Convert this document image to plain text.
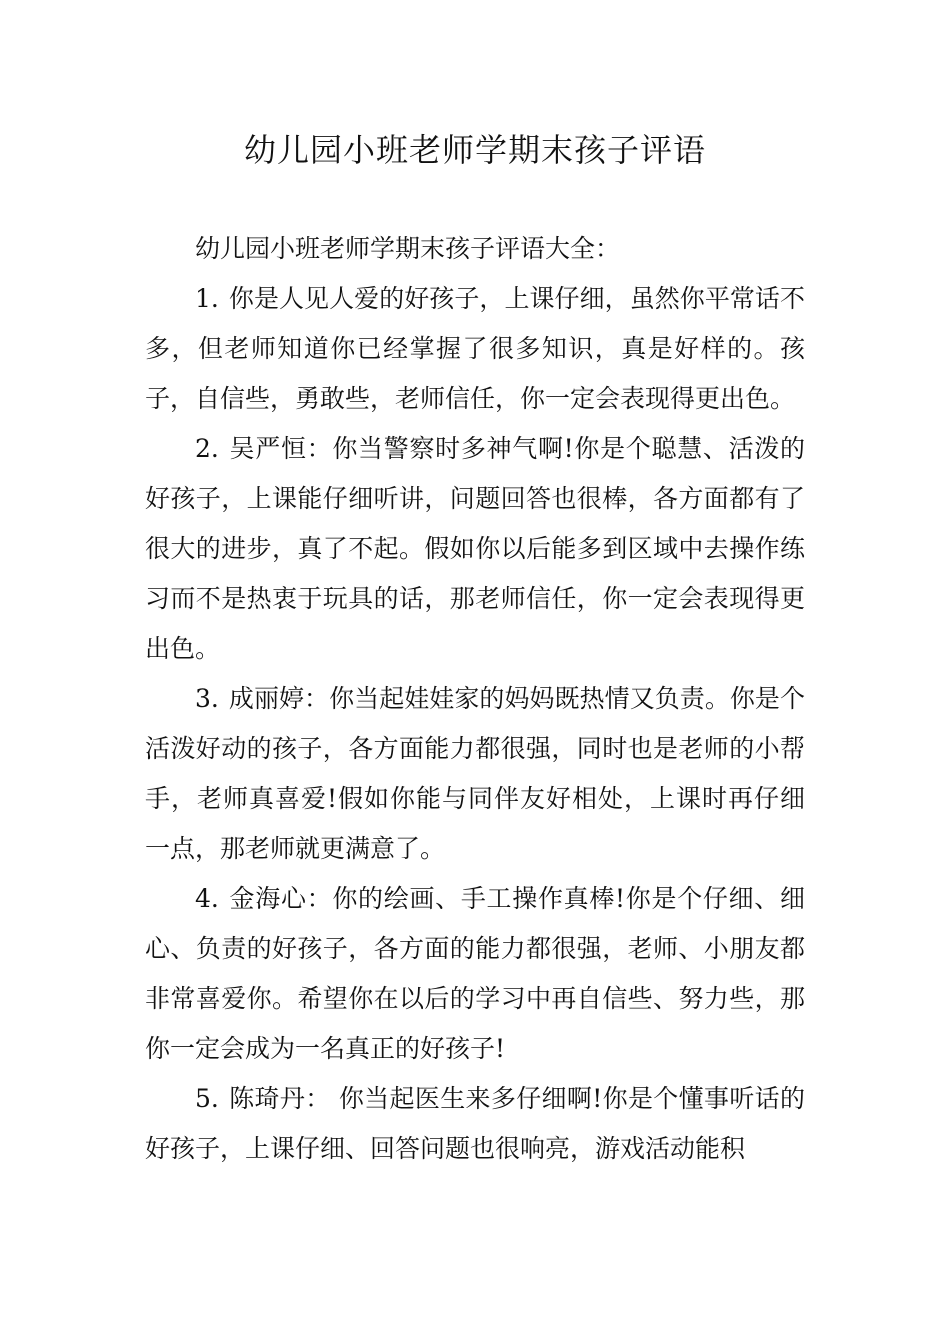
幼儿园小班老师学期末孩子评语

幼儿园小班老师学期末孩子评语大全：

1. 你是人见人爱的好孩子，上课仔细，虽然你平常话不多，但老师知道你已经掌握了很多知识，真是好样的。孩子，自信些，勇敢些，老师信任，你一定会表现得更出色。

2. 吴严恒：你当警察时多神气啊!你是个聪慧、活泼的好孩子，上课能仔细听讲，问题回答也很棒，各方面都有了很大的进步，真了不起。假如你以后能多到区域中去操作练习而不是热衷于玩具的话，那老师信任，你一定会表现得更出色。

3. 成丽婷：你当起娃娃家的妈妈既热情又负责。你是个活泼好动的孩子，各方面能力都很强，同时也是老师的小帮手，老师真喜爱!假如你能与同伴友好相处，上课时再仔细一点，那老师就更满意了。

4. 金海心：你的绘画、手工操作真棒!你是个仔细、细心、负责的好孩子，各方面的能力都很强，老师、小朋友都非常喜爱你。希望你在以后的学习中再自信些、努力些，那你一定会成为一名真正的好孩子!

5. 陈琦丹： 你当起医生来多仔细啊!你是个懂事听话的好孩子，上课仔细、回答问题也很响亮，游戏活动能积
